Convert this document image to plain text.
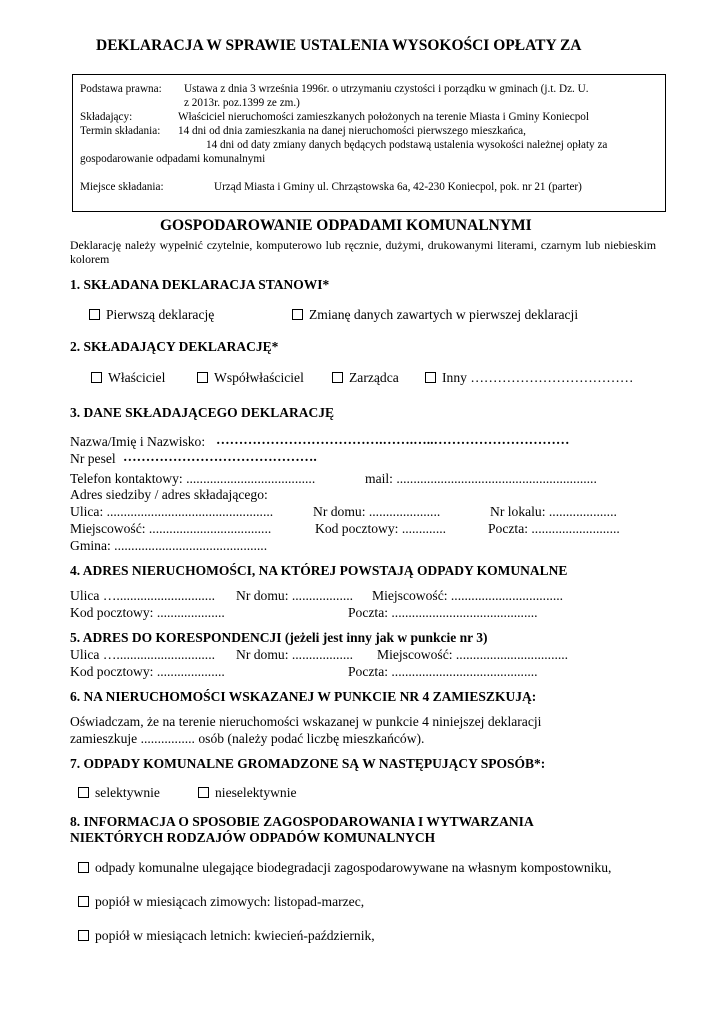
DEKLARACJA W SPRAWIE USTALENIA WYSOKOŚCI OPŁATY ZA
Podstawa prawna: Ustawa z dnia 3 września 1996r. o utrzymaniu czystości i porządku w gminach (j.t. Dz. U.
z 2013r. poz.1399 ze zm.)
Składający:	Właściciel nieruchomości zamieszkanych położonych na terenie Miasta i Gminy Koniecpol
Termin składania: 14 dni od dnia zamieszkania na danej nieruchomości pierwszego mieszkańca,
14 dni od daty zmiany danych będących podstawą ustalenia wysokości należnej opłaty za
gospodarowanie odpadami komunalnymi
Miejsce składania:	Urząd Miasta i Gminy ul. Chrząstowska 6a, 42-230 Koniecpol, pok. nr 21 (parter)
GOSPODAROWANIE ODPADAMI KOMUNALNYMI
Deklarację należy wypełnić czytelnie, komputerowo lub ręcznie, dużymi, drukowanymi literami, czarnym lub niebieskim kolorem
1. SKŁADANA DEKLARACJA STANOWI*
Pierwszą deklarację	Zmianę danych zawartych w pierwszej deklaracji
2. SKŁADAJĄCY DEKLARACJĘ*
Właściciel	Współwłaściciel	Zarządca	Inny ………………………………
3. DANE SKŁADAJĄCEGO DEKLARACJĘ
Nazwa/Imię i Nazwisko: ……………………………….…….…..…………………………
Nr pesel …………………………………….
Telefon kontaktowy: ......................................	mail: ...........................................................
Adres siedziby / adres składającego:
Ulica: .................................................	Nr domu: .....................	Nr lokalu: ....................
Miejscowość: ....................................	Kod pocztowy: .............	Poczta: ..........................
Gmina: .............................................
4. ADRES NIERUCHOMOŚCI, NA KTÓREJ POWSTAJĄ ODPADY KOMUNALNE
Ulica …............................. Nr domu: .................. Miejscowość: .................................
Kod pocztowy: ....................	Poczta: ...........................................
5. ADRES DO KORESPONDENCJI (jeżeli jest inny jak w punkcie nr 3)
Ulica …............................. Nr domu: .................. Miejscowość: .................................
Kod pocztowy: ....................	Poczta: ...........................................
6. NA NIERUCHOMOŚCI WSKAZANEJ W PUNKCIE NR 4 ZAMIESZKUJĄ:
Oświadczam, że na terenie nieruchomości wskazanej w punkcie 4 niniejszej deklaracji
zamieszkuje ................ osób (należy podać liczbę mieszkańców).
7. ODPADY KOMUNALNE GROMADZONE SĄ W NASTĘPUJĄCY SPOSÓB*:
selektywnie	nieselektywnie
8. INFORMACJA O SPOSOBIE ZAGOSPODAROWANIA I WYTWARZANIA
NIEKTÓRYCH RODZAJÓW ODPADÓW KOMUNALNYCH
odpady komunalne ulegające biodegradacji zagospodarowywane na własnym kompostowniku,
popiół w miesiącach zimowych: listopad-marzec,
popiół w miesiącach letnich: kwiecień-październik,
